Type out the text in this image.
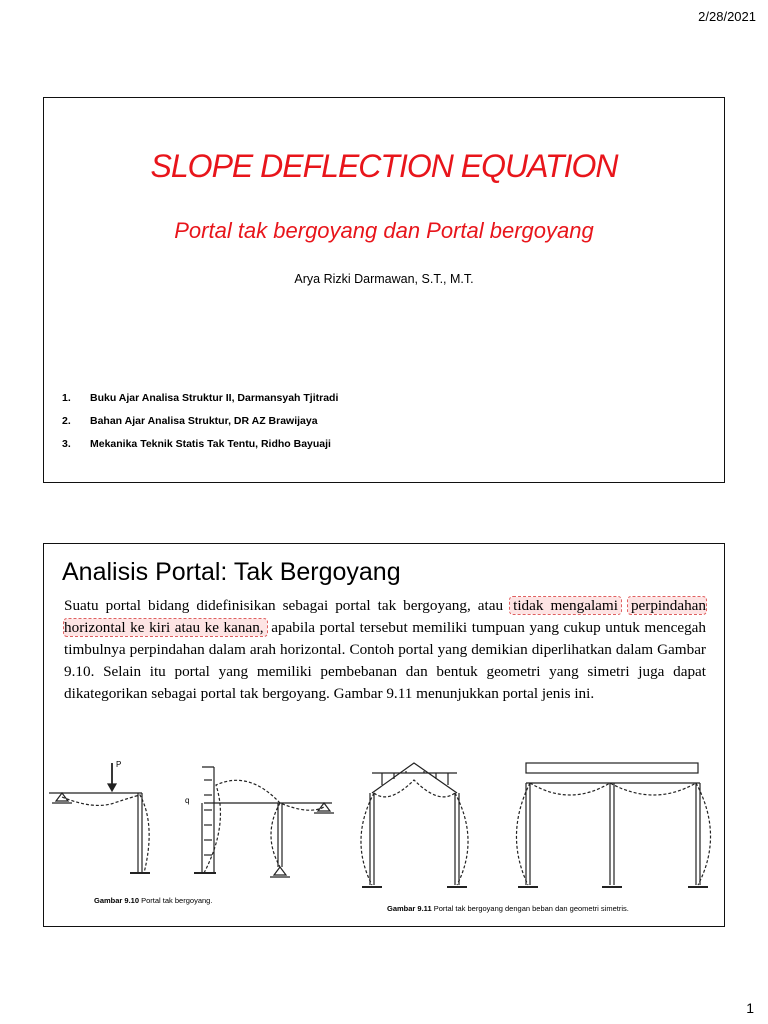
2/28/2021
SLOPE DEFLECTION EQUATION
Portal tak bergoyang dan Portal bergoyang
Arya Rizki Darmawan, S.T., M.T.
1.	Buku Ajar Analisa Struktur II, Darmansyah Tjitradi
2.	Bahan Ajar Analisa Struktur, DR AZ Brawijaya
3.	Mekanika Teknik Statis Tak Tentu, Ridho Bayuaji
Analisis Portal: Tak Bergoyang
Suatu portal bidang didefinisikan sebagai portal tak bergoyang, atau tidak mengalami perpindahan horizontal ke kiri atau ke kanan, apabila portal tersebut memiliki tumpuan yang cukup untuk mencegah timbulnya perpindahan dalam arah horizontal. Contoh portal yang demikian diperlihatkan dalam Gambar 9.10. Selain itu portal yang memiliki pembebanan dan bentuk geometri yang simetri juga dapat dikategorikan sebagai portal tak bergoyang. Gambar 9.11 menunjukkan portal jenis ini.
P
q
Gambar 9.10 Portal tak bergoyang.
Gambar 9.11 Portal tak bergoyang dengan beban dan geometri simetris.
1
